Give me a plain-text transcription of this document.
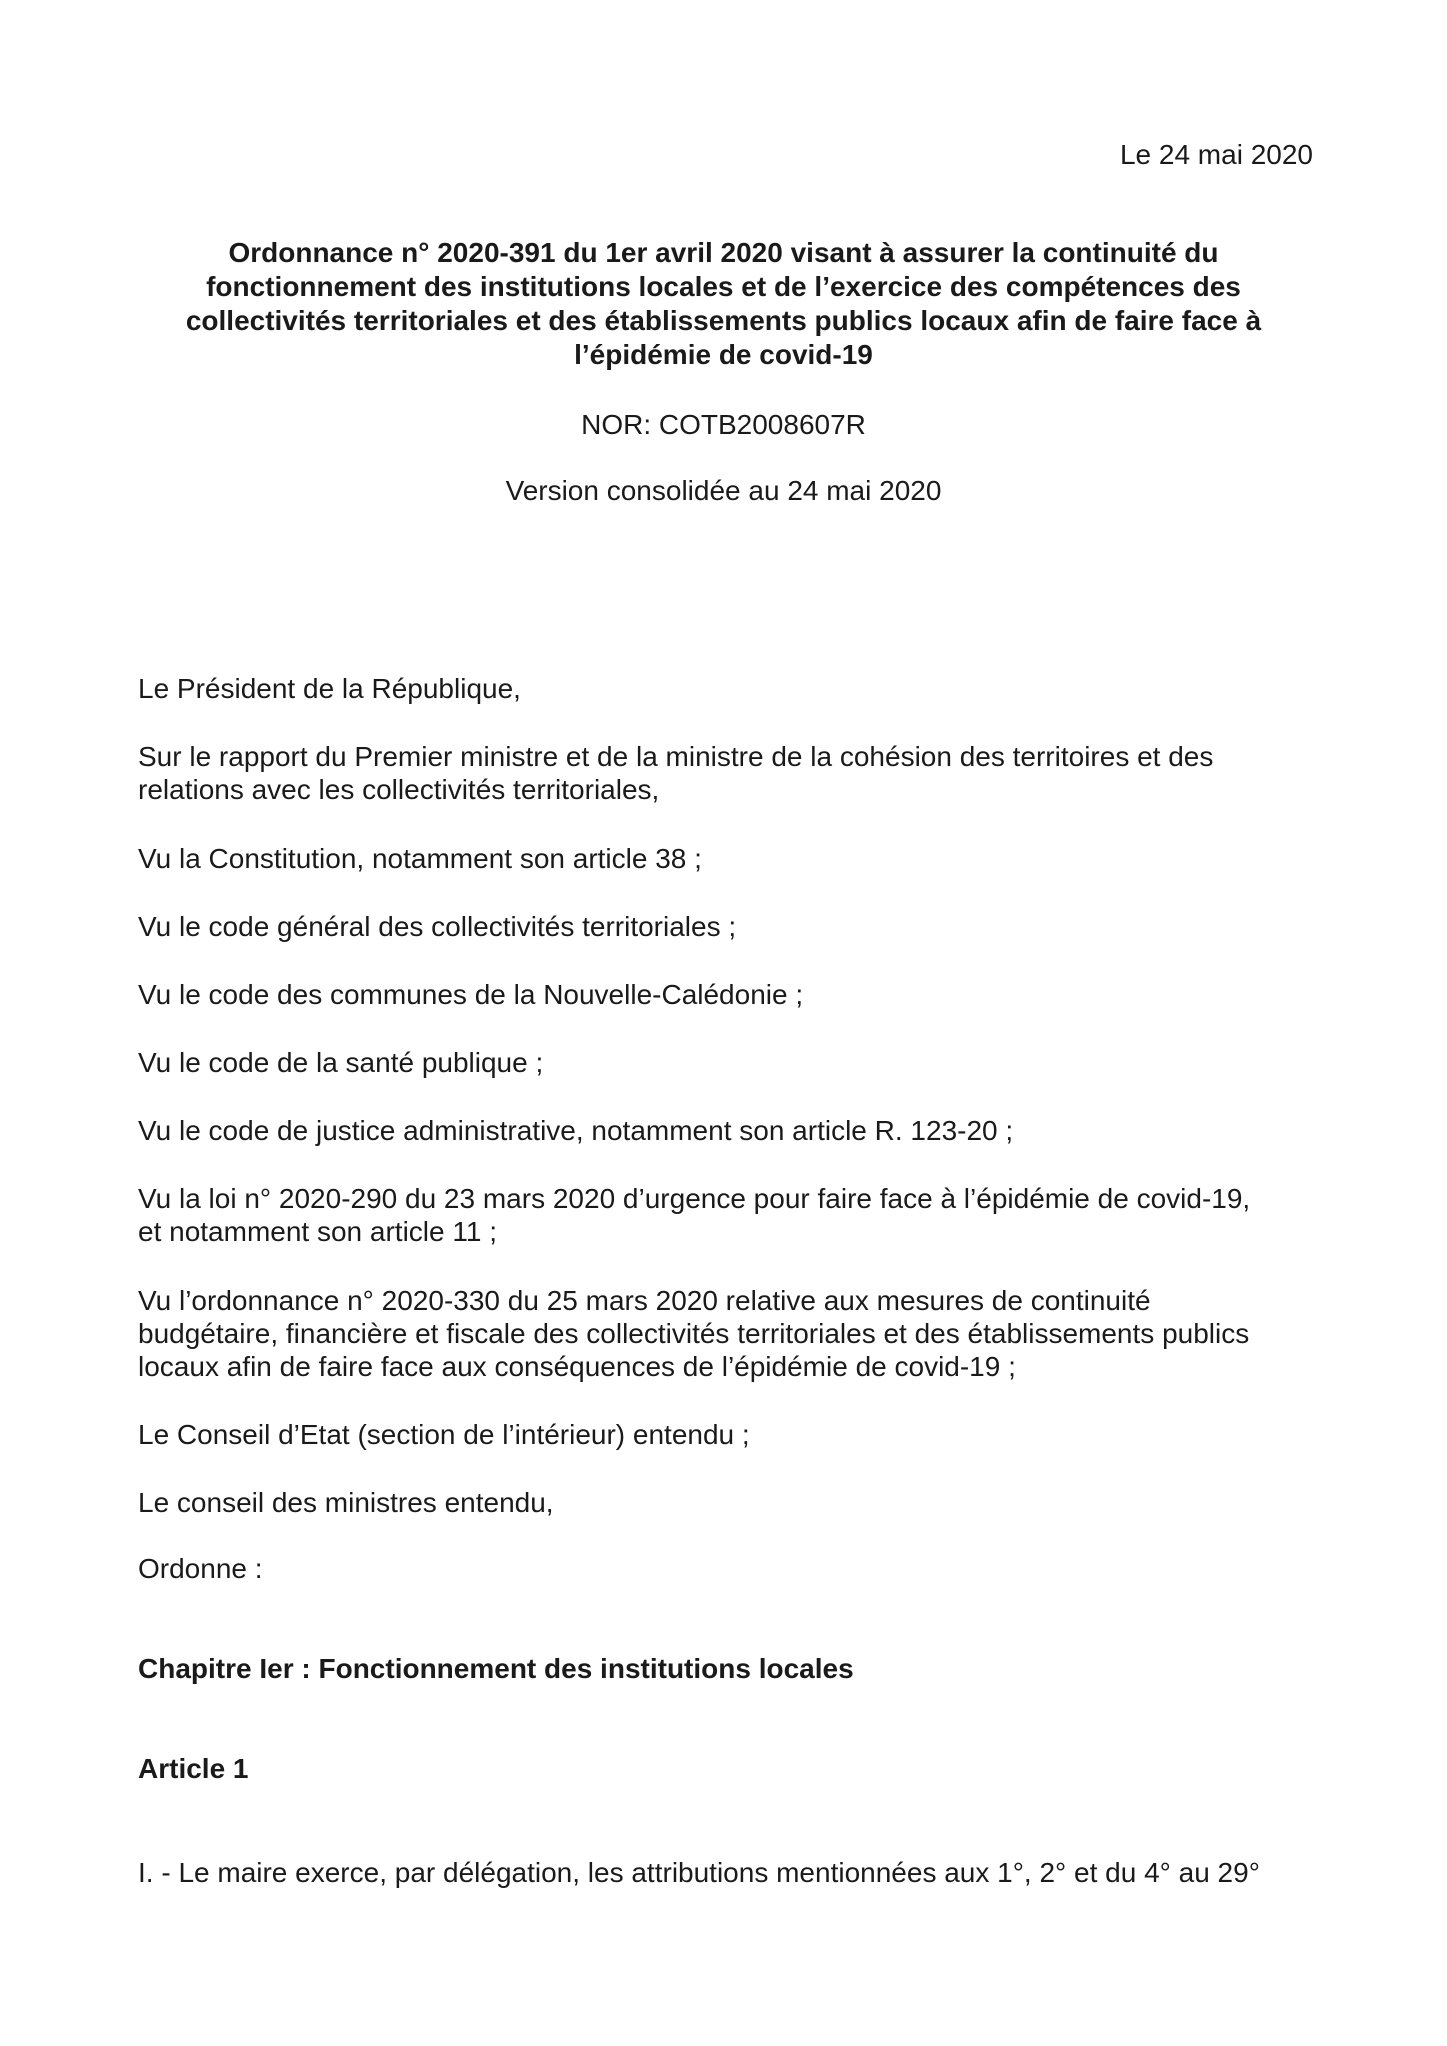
Le 24 mai 2020
Ordonnance n° 2020-391 du 1er avril 2020 visant à assurer la continuité du
fonctionnement des institutions locales et de l’exercice des compétences des
collectivités territoriales et des établissements publics locaux afin de faire face à
l’épidémie de covid-19
NOR: COTB2008607R
Version consolidée au 24 mai 2020
Le Président de la République,
Sur le rapport du Premier ministre et de la ministre de la cohésion des territoires et des
relations avec les collectivités territoriales,
Vu la Constitution, notamment son article 38 ;
Vu le code général des collectivités territoriales ;
Vu le code des communes de la Nouvelle-Calédonie ;
Vu le code de la santé publique ;
Vu le code de justice administrative, notamment son article R. 123-20 ;
Vu la loi n° 2020-290 du 23 mars 2020 d’urgence pour faire face à l’épidémie de covid-19,
et notamment son article 11 ;
Vu l’ordonnance n° 2020-330 du 25 mars 2020 relative aux mesures de continuité
budgétaire, financière et fiscale des collectivités territoriales et des établissements publics
locaux afin de faire face aux conséquences de l’épidémie de covid-19 ;
Le Conseil d’Etat (section de l’intérieur) entendu ;
Le conseil des ministres entendu,
Ordonne :
Chapitre Ier : Fonctionnement des institutions locales
Article 1
I. - Le maire exerce, par délégation, les attributions mentionnées aux 1°, 2° et du 4° au 29°
